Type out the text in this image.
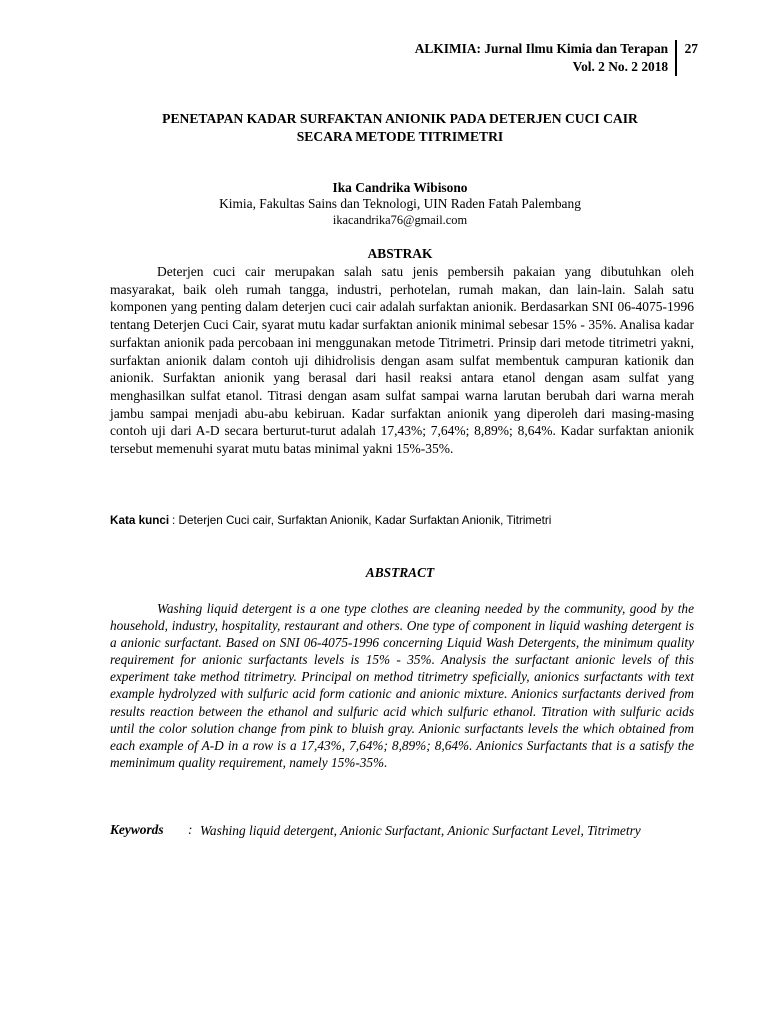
ALKIMIA: Jurnal Ilmu Kimia dan Terapan
Vol. 2 No. 2 2018
27
PENETAPAN KADAR SURFAKTAN ANIONIK PADA DETERJEN CUCI CAIR
SECARA METODE TITRIMETRI
Ika Candrika Wibisono
Kimia, Fakultas Sains dan Teknologi, UIN Raden Fatah Palembang
ikacandrika76@gmail.com
ABSTRAK

Deterjen cuci cair merupakan salah satu jenis pembersih pakaian yang dibutuhkan oleh masyarakat, baik oleh rumah tangga, industri, perhotelan, rumah makan, dan lain-lain. Salah satu komponen yang penting dalam deterjen cuci cair adalah surfaktan anionik. Berdasarkan SNI 06-4075-1996 tentang Deterjen Cuci Cair, syarat mutu kadar surfaktan anionik minimal sebesar 15% - 35%. Analisa kadar surfaktan anionik pada percobaan ini menggunakan metode Titrimetri. Prinsip dari metode titrimetri yakni, surfaktan anionik dalam contoh uji dihidrolisis dengan asam sulfat membentuk campuran kationik dan anionik. Surfaktan anionik yang berasal dari hasil reaksi antara etanol dengan asam sulfat yang menghasilkan sulfat etanol. Titrasi dengan asam sulfat sampai warna larutan berubah dari warna merah jambu sampai menjadi abu-abu kebiruan. Kadar surfaktan anionik yang diperoleh dari masing-masing contoh uji dari A-D secara berturut-turut adalah 17,43%; 7,64%; 8,89%; 8,64%. Kadar surfaktan anionik tersebut memenuhi syarat mutu batas minimal yakni 15%-35%.

Kata kunci : Deterjen Cuci cair, Surfaktan Anionik, Kadar Surfaktan Anionik, Titrimetri
ABSTRACT

Washing liquid detergent is a one type clothes are cleaning needed by the community, good by the household, industry, hospitality, restaurant and others. One type of component in liquid washing detergent is a anionic surfactant. Based on SNI 06-4075-1996 concerning Liquid Wash Detergents, the minimum quality requirement for anionic surfactants levels is 15% - 35%. Analysis the surfactant anionic levels of this experiment take method titrimetry. Principal on method titrimetry speficially, anionics surfactants with text example hydrolyzed with sulfuric acid form cationic and anionic mixture. Anionics surfactants derived from results reaction between the ethanol and sulfuric acid which sulfuric ethanol. Titration with sulfuric acids until the color solution change from pink to bluish gray. Anionic surfactants levels the which obtained from each example of A-D in a row is a 17,43%, 7,64%; 8,89%; 8,64%. Anionics Surfactants that is a satisfy the meminimum quality requirement, namely 15%-35%.

Keywords : Washing liquid detergent, Anionic Surfactant, Anionic Surfactant Level, Titrimetry
